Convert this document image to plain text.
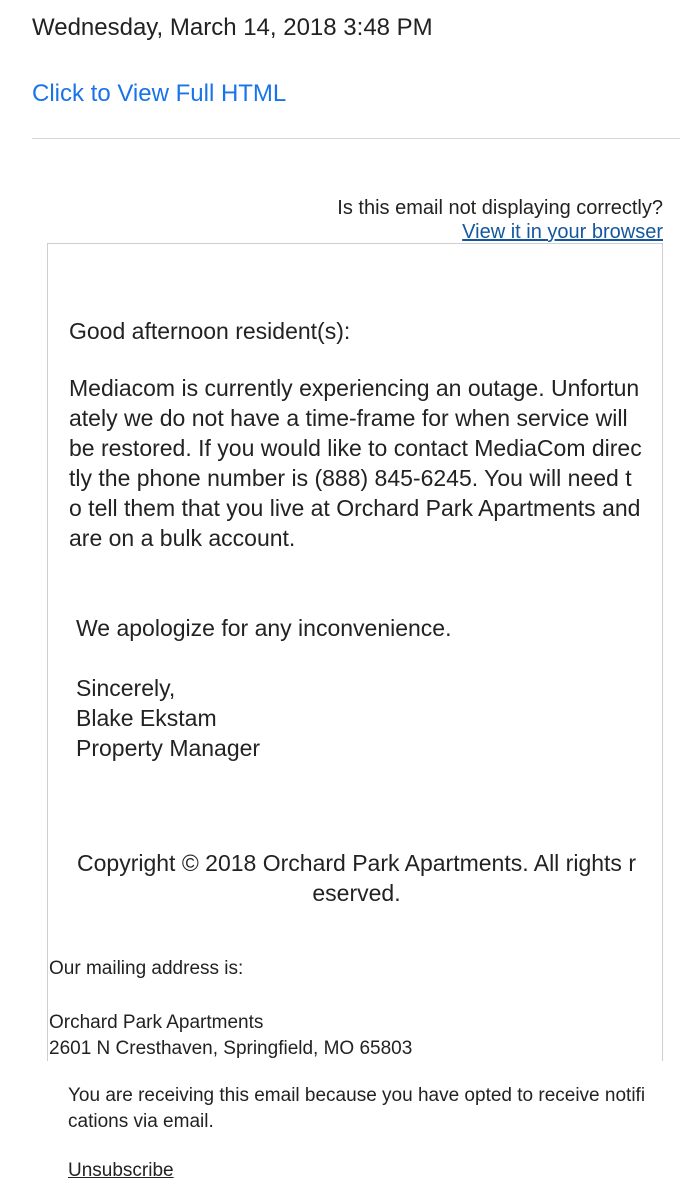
Wednesday, March 14, 2018 3:48 PM
Click to View Full HTML
Is this email not displaying correctly?
View it in your browser
Good afternoon resident(s):
Mediacom is currently experiencing an outage. Unfortunately we do not have a time-frame for when service will be restored. If you would like to contact MediaCom directly the phone number is (888) 845-6245. You will need to tell them that you live at Orchard Park Apartments and are on a bulk account.
We apologize for any inconvenience.
Sincerely,
Blake Ekstam
Property Manager
Copyright © 2018 Orchard Park Apartments. All rights reserved.
Our mailing address is:
Orchard Park Apartments
2601 N Cresthaven, Springfield, MO 65803
You are receiving this email because you have opted to receive notifications via email.
Unsubscribe
